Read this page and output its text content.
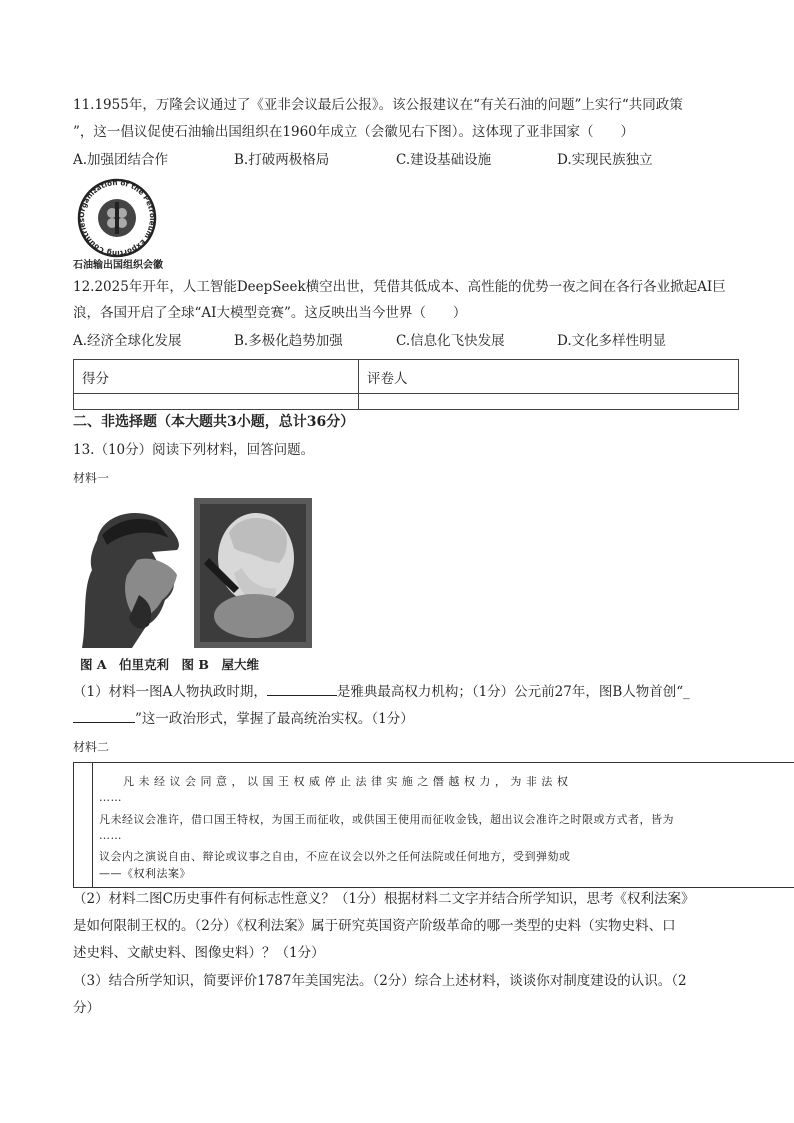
11.1955年，万隆会议通过了《亚非会议最后公报》。该公报建议在“有关石油的问题”上实行“共同政策
”，这一倡议促使石油输出国组织在1960年成立（会徽见右下图）。这体现了亚非国家（　　）
A.加强团结合作	B.打破两极格局	C.建设基础设施	D.实现民族独立
Organization of the Petroleum Exporting Countries
石油输出国组织会徽
12.2025年开年，人工智能DeepSeek横空出世，凭借其低成本、高性能的优势一夜之间在各行各业掀起AI巨
浪，各国开启了全球“AI大模型竞赛”。这反映出当今世界（　　）
A.经济全球化发展	B.多极化趋势加强	C.信息化飞快发展	D.文化多样性明显
得分	评卷人

二、非选择题（本大题共3小题，总计36分）
13.（10分）阅读下列材料，回答问题。
材料一
图 A　伯里克利　图 B　屋大维
（1）材料一图A人物执政时期，	是雅典最高权力机构；（1分）公元前27年，图B人物首创“_
”这一政治形式，掌握了最高统治实权。（1分）
材料二
凡 未 经 议 会 同 意 ， 以 国 王 权 威 停 止 法 律 实 施 之 僭 越 权 力 ， 为 非 法 权
……
凡未经议会准许，借口国王特权，为国王而征收，或供国王使用而征收金钱，超出议会准许之时限或方式者，皆为
……
议会内之演说自由、辩论或议事之自由，不应在议会以外之任何法院或任何地方，受到弹劾或
——《权利法案》
（2）材料二图C历史事件有何标志性意义？（1分）根据材料二文字并结合所学知识，思考《权利法案》
是如何限制王权的。（2分）《权利法案》属于研究英国资产阶级革命的哪一类型的史料（实物史料、口
述史料、文献史料、图像史料）？（1分）
（3）结合所学知识，简要评价1787年美国宪法。（2分）综合上述材料，谈谈你对制度建设的认识。（2
分）
